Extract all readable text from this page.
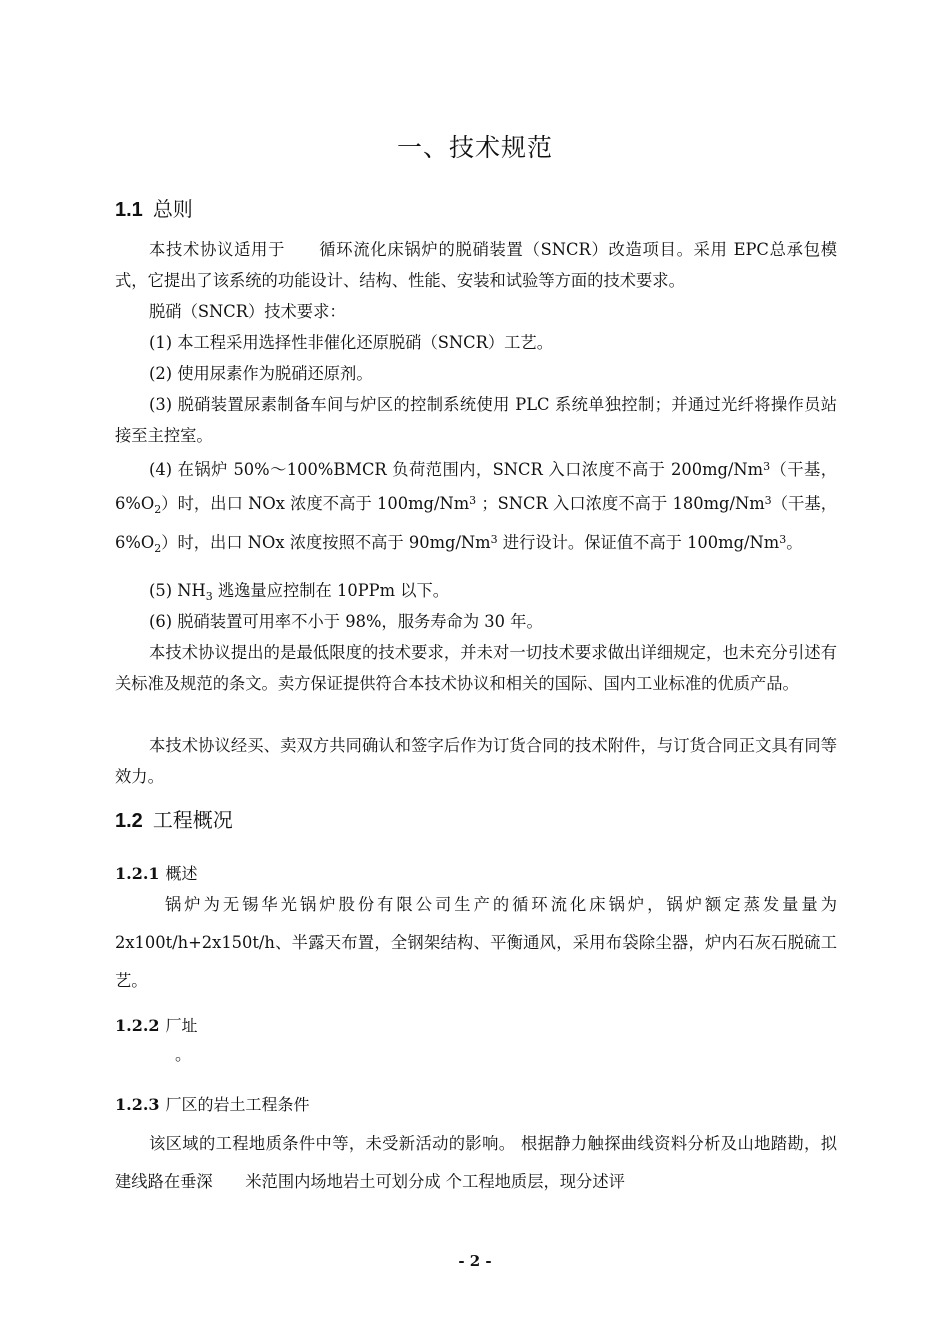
一、技术规范
1.1 总则
本技术协议适用于　　循环流化床锅炉的脱硝装置（SNCR）改造项目。采用 EPC总承包模式，它提出了该系统的功能设计、结构、性能、安装和试验等方面的技术要求。
脱硝（SNCR）技术要求：
(1) 本工程采用选择性非催化还原脱硝（SNCR）工艺。
(2) 使用尿素作为脱硝还原剂。
(3) 脱硝装置尿素制备车间与炉区的控制系统使用 PLC 系统单独控制；并通过光纤将操作员站接至主控室。
(4) 在锅炉 50%～100%BMCR 负荷范围内，SNCR 入口浓度不高于 200mg/Nm$^3$（干基，$6\%O_2$）时，出口 NOx 浓度不高于 100mg/Nm$^3$ ；SNCR 入口浓度不高于 180mg/Nm$^3$（干基，$6\%O_2$）时，出口 NOx 浓度按照不高于 90mg/Nm$^3$ 进行设计。保证值不高于 100mg/Nm$^3$。
(5) $NH_3$ 逃逸量应控制在 10PPm 以下。
(6) 脱硝装置可用率不小于 98%，服务寿命为 30 年。
本技术协议提出的是最低限度的技术要求，并未对一切技术要求做出详细规定，也未充分引述有关标准及规范的条文。卖方保证提供符合本技术协议和相关的国际、国内工业标准的优质产品。
本技术协议经买、卖双方共同确认和签字后作为订货合同的技术附件，与订货合同正文具有同等效力。
1.2 工程概况
1.2.1 概述
锅炉为无锡华光锅炉股份有限公司生产的循环流化床锅炉，锅炉额定蒸发量量为 2x100t/h+2x150t/h、半露天布置，全钢架结构、平衡通风，采用布袋除尘器，炉内石灰石脱硫工艺。
1.2.2 厂址
。
1.2.3 厂区的岩土工程条件
该区域的工程地质条件中等，未受新活动的影响。 根据静力触探曲线资料分析及山地踏勘，拟建线路在垂深　　米范围内场地岩土可划分成 个工程地质层，现分述评
- 2 -
